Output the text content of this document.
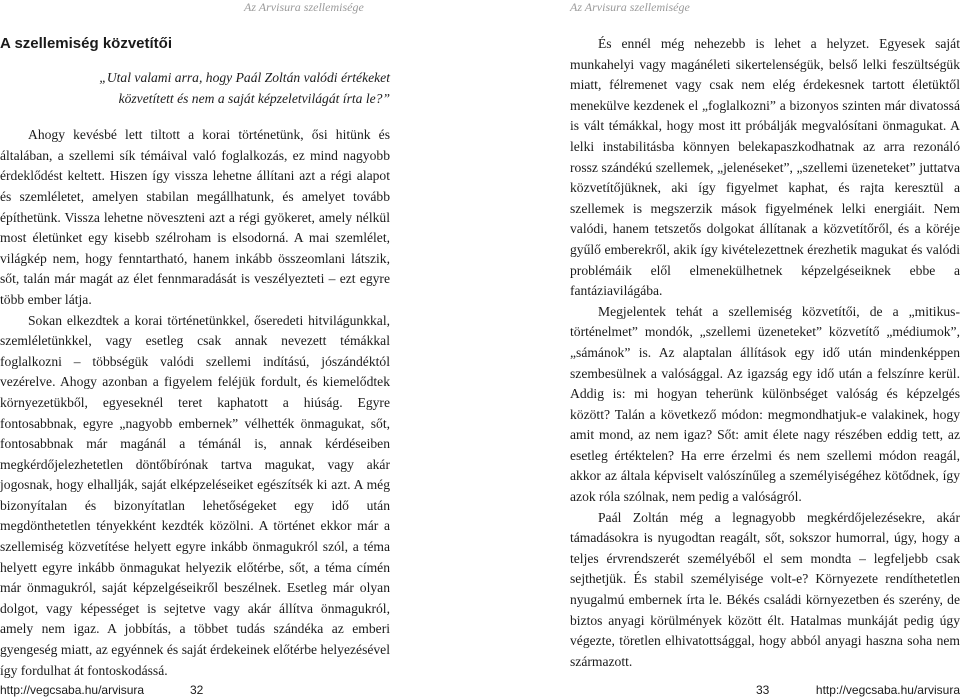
Az Arvisura szellemisége
A szellemiség közvetítői
„Utal valami arra, hogy Paál Zoltán valódi értékeket
közvetített és nem a saját képzeletvilágát írta le?”

Ahogy kevésbé lett tiltott a korai történetünk, ősi hitünk és általában, a szellemi sík témáival való foglalkozás, ez mind nagyobb érdeklődést keltett. Hiszen így vissza lehetne állítani azt a régi alapot és szemléletet, amelyen stabilan megállhatunk, és amelyet tovább építhetünk. Vissza lehetne növeszteni azt a régi gyökeret, amely nélkül most életünket egy kisebb szélroham is elsodorná. A mai szemlélet, világkép nem, hogy fenntartható, hanem inkább összeomlani látszik, sőt, talán már magát az élet fennmaradását is veszélyezteti – ezt egyre több ember látja.

Sokan elkezdtek a korai történetünkkel, őseredeti hitvilágunkkal, szemléletünkkel, vagy esetleg csak annak nevezett témákkal foglalkozni – többségük valódi szellemi indítású, jószándéktól vezérelve. Ahogy azonban a figyelem feléjük fordult, és kiemelődtek környezetükből, egyeseknél teret kaphatott a hiúság. Egyre fontosabbnak, egyre „nagyobb embernek” vélhették önmagukat, sőt, fontosabbnak már magánál a témánál is, annak kérdéseiben megkérdőjelezhetetlen döntőbírónak tartva magukat, vagy akár jogosnak, hogy elhallják, saját elképzeléseiket egészítsék ki azt. A még bizonyítalan és bizonyítatlan lehetőségeket egy idő után megdönthetetlen tényekként kezdték közölni. A történet ekkor már a szellemiség közvetítése helyett egyre inkább önmagukról szól, a téma helyett egyre inkább önmagukat helyezik előtérbe, sőt, a téma címén már önmagukról, saját képzelgéseikről beszélnek. Esetleg már olyan dolgot, vagy képességet is sejtetve vagy akár állítva önmagukról, amely nem igaz. A jobbítás, a többet tudás szándéka az emberi gyengeség miatt, az egyénnek és saját érdekeinek előtérbe helyezésével így fordulhat át fontoskodássá.

http://vegcsaba.hu/arvisura	32
Az Arvisura szellemisége

És ennél még nehezebb is lehet a helyzet. Egyesek saját munkahelyi vagy magánéleti sikertelenségük, belső lelki feszültségük miatt, félremenet vagy csak nem elég érdekesnek tartott életüktől menekülve kezdenek el „foglalkozni” a bizonyos szinten már divatossá is vált témákkal, hogy most itt próbálják megvalósítani önmagukat. A lelki instabilitásba könnyen belekapaszkodhatnak az arra rezonáló rossz szándékú szellemek, „jelenéseket”, „szellemi üzeneteket” juttatva közvetítőjüknek, aki így figyelmet kaphat, és rajta keresztül a szellemek is megszerzik mások figyelmének lelki energiáit. Nem valódi, hanem tetszetős dolgokat állítanak a közvetítőről, és a köréje gyűlő emberekről, akik így kivételezettnek érezhetik magukat és valódi problémáik elől elmenekülhetnek képzelgéseiknek ebbe a fantáziavilágába.

Megjelentek tehát a szellemiség közvetítői, de a „mitikus-történelmet” mondók, „szellemi üzeneteket” közvetítő „médiumok”, „sámánok” is. Az alaptalan állítások egy idő után mindenképpen szembesülnek a valósággal. Az igazság egy idő után a felszínre kerül. Addig is: mi hogyan teherünk különbséget valóság és képzelgés között? Talán a következő módon: megmondhatjuk-e valakinek, hogy amit mond, az nem igaz? Sőt: amit élete nagy részében eddig tett, az esetleg értéktelen? Ha erre érzelmi és nem szellemi módon reagál, akkor az általa képviselt valószínűleg a személyiségéhez kötődnek, így azok róla szólnak, nem pedig a valóságról.

Paál Zoltán még a legnagyobb megkérdőjelezésekre, akár támadásokra is nyugodtan reagált, sőt, sokszor humorral, úgy, hogy a teljes érvrendszerét személyéből el sem mondta – legfeljebb csak sejthetjük. És stabil személyisége volt-e? Környezete rendíthetetlen nyugalmú embernek írta le. Békés családi környezetben és szerény, de biztos anyagi körülmények között élt. Hatalmas munkáját pedig úgy végezte, töretlen elhivatottsággal, hogy abból anyagi haszna soha nem származott.

33	http://vegcsaba.hu/arvisura
